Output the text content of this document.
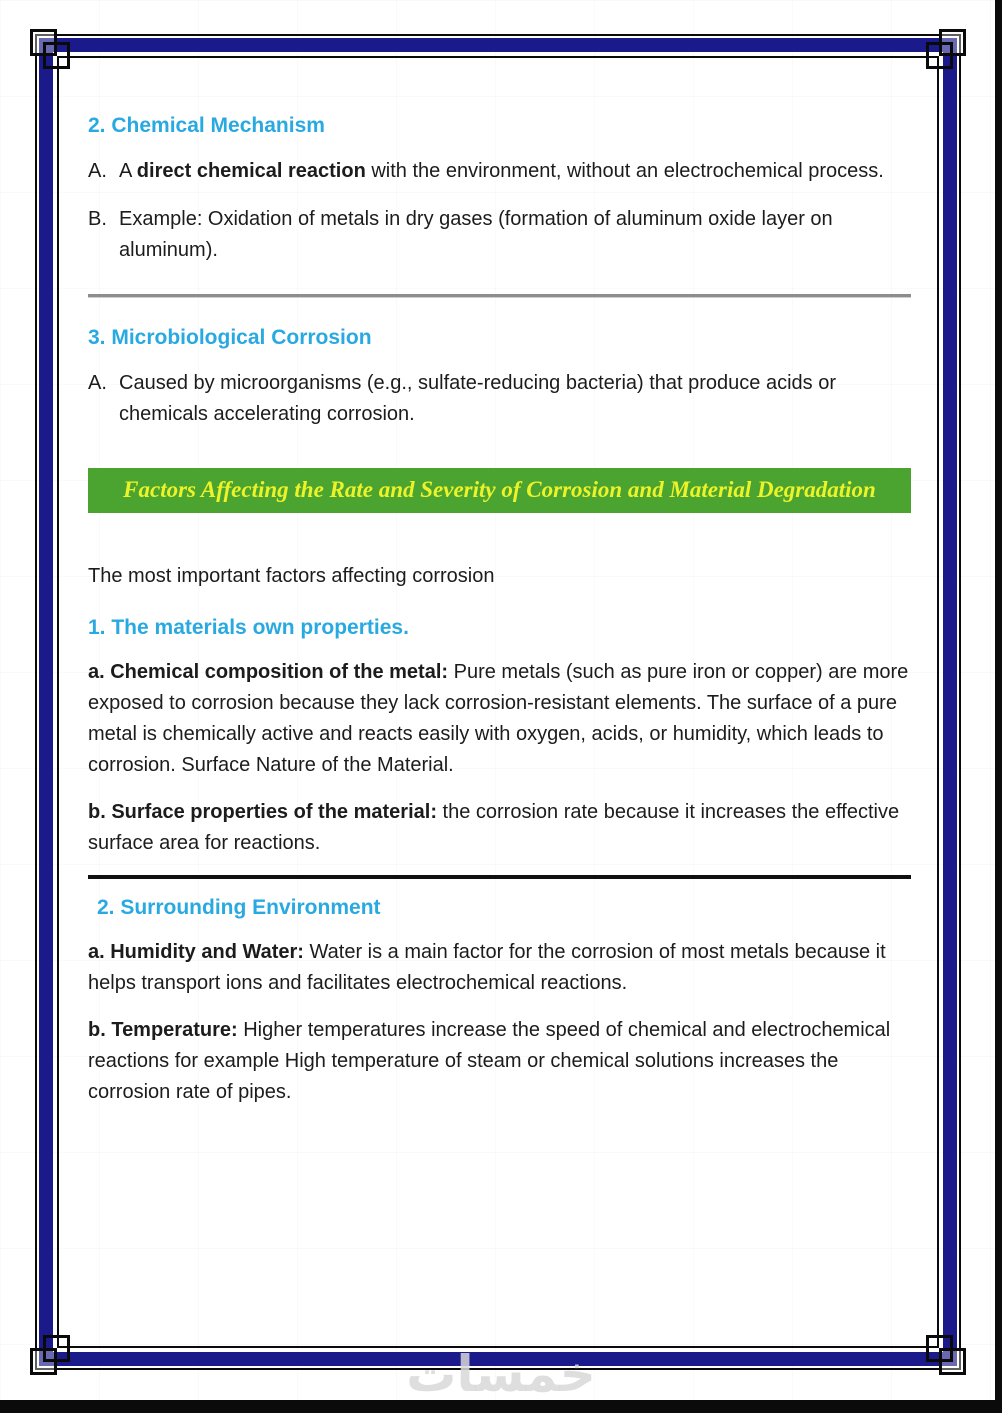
2. Chemical Mechanism
A. A direct chemical reaction with the environment, without an electrochemical process.
B. Example: Oxidation of metals in dry gases (formation of aluminum oxide layer on aluminum).
3. Microbiological Corrosion
A. Caused by microorganisms (e.g., sulfate-reducing bacteria) that produce acids or chemicals accelerating corrosion.
Factors Affecting the Rate and Severity of Corrosion and Material Degradation
The most important factors affecting corrosion
1. The materials own properties.
a. Chemical composition of the metal: Pure metals (such as pure iron or copper) are more exposed to corrosion because they lack corrosion-resistant elements. The surface of a pure metal is chemically active and reacts easily with oxygen, acids, or humidity, which leads to corrosion. Surface Nature of the Material.
b. Surface properties of the material: the corrosion rate because it increases the effective surface area for reactions.
2. Surrounding Environment
a. Humidity and Water: Water is a main factor for the corrosion of most metals because it helps transport ions and facilitates electrochemical reactions.
b. Temperature: Higher temperatures increase the speed of chemical and electrochemical reactions for example High temperature of steam or chemical solutions increases the corrosion rate of pipes.
خمسات
